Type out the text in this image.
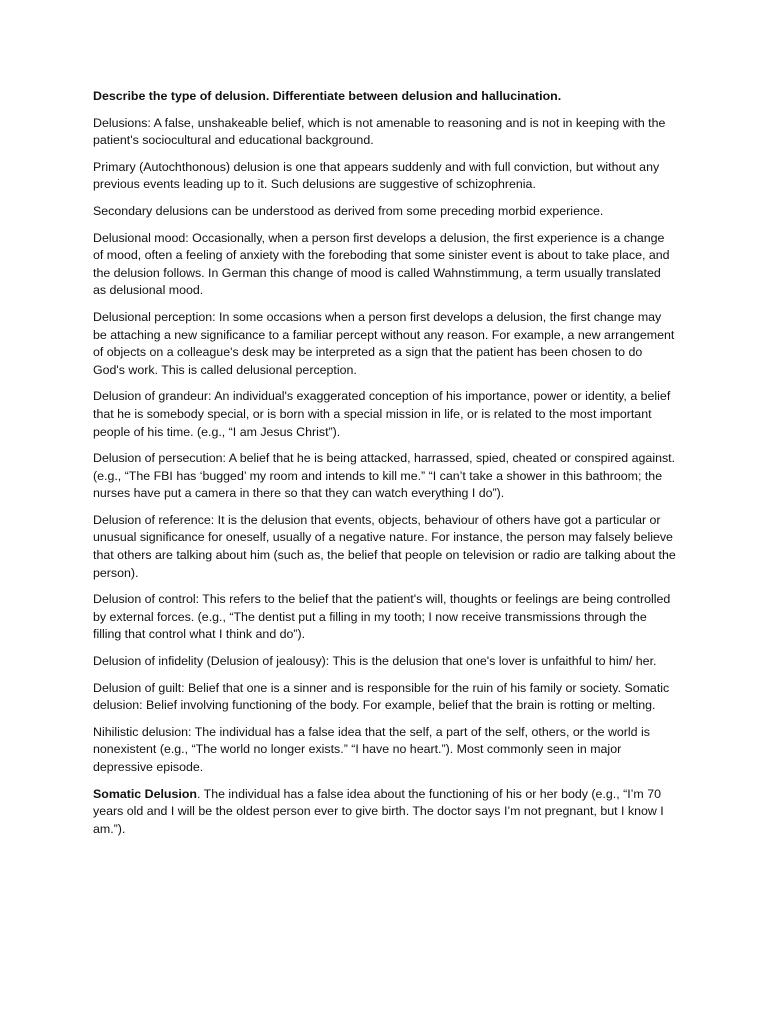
Describe the type of delusion. Differentiate between delusion and hallucination.

Delusions: A false, unshakeable belief, which is not amenable to reasoning and is not in keeping with the patient's sociocultural and educational background.

Primary (Autochthonous) delusion is one that appears suddenly and with full conviction, but without any previous events leading up to it. Such delusions are suggestive of schizophrenia.

Secondary delusions can be understood as derived from some preceding morbid experience.

Delusional mood: Occasionally, when a person first develops a delusion, the first experience is a change of mood, often a feeling of anxiety with the foreboding that some sinister event is about to take place, and the delusion follows. In German this change of mood is called Wahnstimmung, a term usually translated as delusional mood.

Delusional perception: In some occasions when a person first develops a delusion, the first change may be attaching a new significance to a familiar percept without any reason. For example, a new arrangement of objects on a colleague's desk may be interpreted as a sign that the patient has been chosen to do God's work. This is called delusional perception.

Delusion of grandeur: An individual's exaggerated conception of his importance, power or identity, a belief that he is somebody special, or is born with a special mission in life, or is related to the most important people of his time. (e.g., “I am Jesus Christ”).

Delusion of persecution: A belief that he is being attacked, harrassed, spied, cheated or conspired against. (e.g., “The FBI has ‘bugged’ my room and intends to kill me.” “I can’t take a shower in this bathroom; the nurses have put a camera in there so that they can watch everything I do”).

Delusion of reference: It is the delusion that events, objects, behaviour of others have got a particular or unusual significance for oneself, usually of a negative nature. For instance, the person may falsely believe that others are talking about him (such as, the belief that people on television or radio are talking about the person).

Delusion of control: This refers to the belief that the patient's will, thoughts or feelings are being controlled by external forces. (e.g., “The dentist put a filling in my tooth; I now receive transmissions through the filling that control what I think and do”).

Delusion of infidelity (Delusion of jealousy): This is the delusion that one's lover is unfaithful to him/ her.

Delusion of guilt: Belief that one is a sinner and is responsible for the ruin of his family or society. Somatic delusion: Belief involving functioning of the body. For example, belief that the brain is rotting or melting.

Nihilistic delusion: The individual has a false idea that the self, a part of the self, others, or the world is nonexistent (e.g., “The world no longer exists.” “I have no heart.”). Most commonly seen in major depressive episode.

Somatic Delusion. The individual has a false idea about the functioning of his or her body (e.g., “I’m 70 years old and I will be the oldest person ever to give birth. The doctor says I’m not pregnant, but I know I am.”).
